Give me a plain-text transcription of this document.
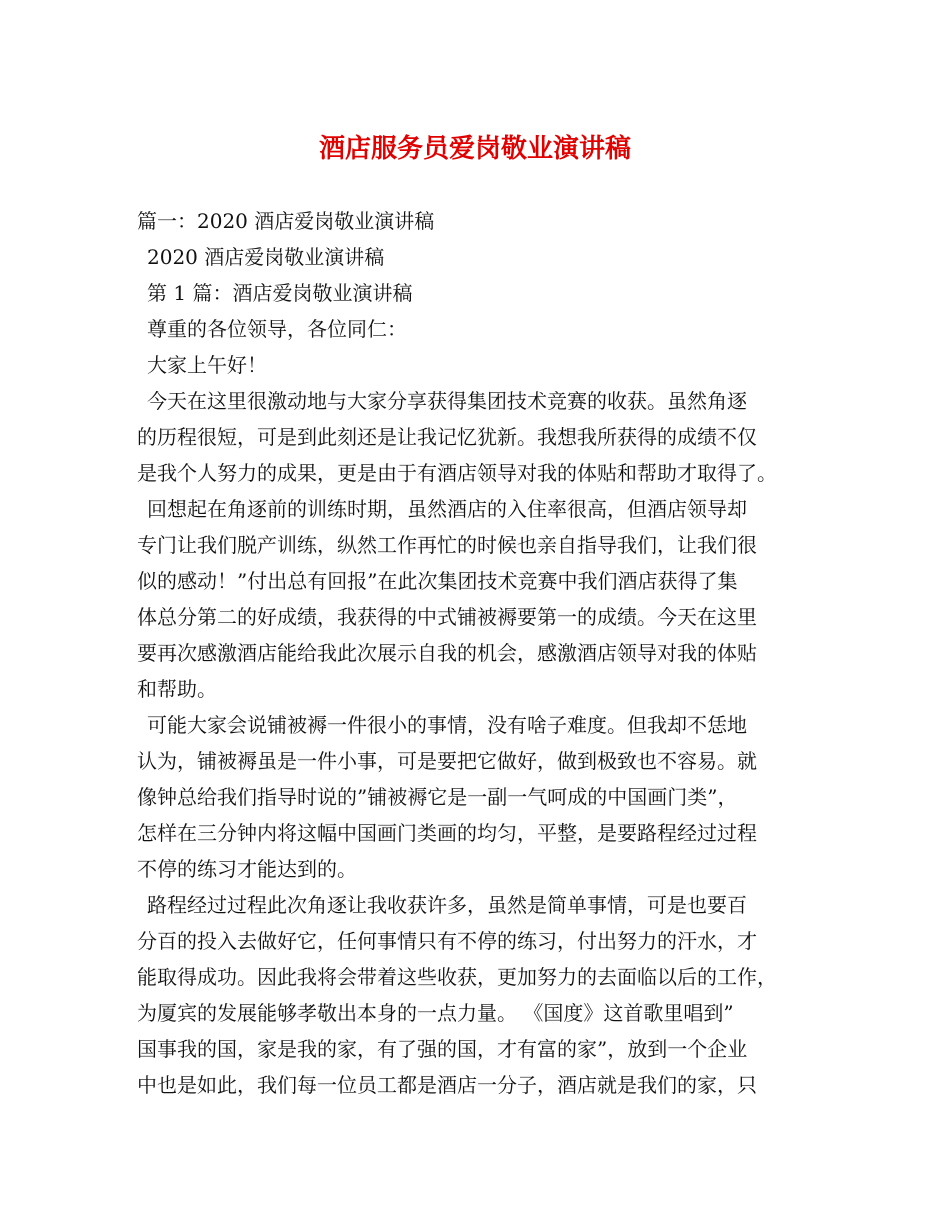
酒店服务员爱岗敬业演讲稿
篇一：2020 酒店爱岗敬业演讲稿
2020 酒店爱岗敬业演讲稿
第 1 篇：酒店爱岗敬业演讲稿
尊重的各位领导，各位同仁：
大家上午好！
今天在这里很激动地与大家分享获得集团技术竞赛的收获。虽然角逐
的历程很短，可是到此刻还是让我记忆犹新。我想我所获得的成绩不仅
是我个人努力的成果，更是由于有酒店领导对我的体贴和帮助才取得了。
回想起在角逐前的训练时期，虽然酒店的入住率很高，但酒店领导却
专门让我们脱产训练，纵然工作再忙的时候也亲自指导我们，让我们很
似的感动！”付出总有回报”在此次集团技术竞赛中我们酒店获得了集
体总分第二的好成绩，我获得的中式铺被褥要第一的成绩。今天在这里
要再次感激酒店能给我此次展示自我的机会，感激酒店领导对我的体贴
和帮助。
可能大家会说铺被褥一件很小的事情，没有啥子难度。但我却不恁地
认为，铺被褥虽是一件小事，可是要把它做好，做到极致也不容易。就
像钟总给我们指导时说的”铺被褥它是一副一气呵成的中国画门类”，
怎样在三分钟内将这幅中国画门类画的均匀，平整，是要路程经过过程
不停的练习才能达到的。
路程经过过程此次角逐让我收获许多，虽然是简单事情，可是也要百
分百的投入去做好它，任何事情只有不停的练习，付出努力的汗水，才
能取得成功。因此我将会带着这些收获，更加努力的去面临以后的工作，
为厦宾的发展能够孝敬出本身的一点力量。 《国度》这首歌里唱到”
国事我的国，家是我的家，有了强的国，才有富的家”，放到一个企业
中也是如此，我们每一位员工都是酒店一分子，酒店就是我们的家，只
